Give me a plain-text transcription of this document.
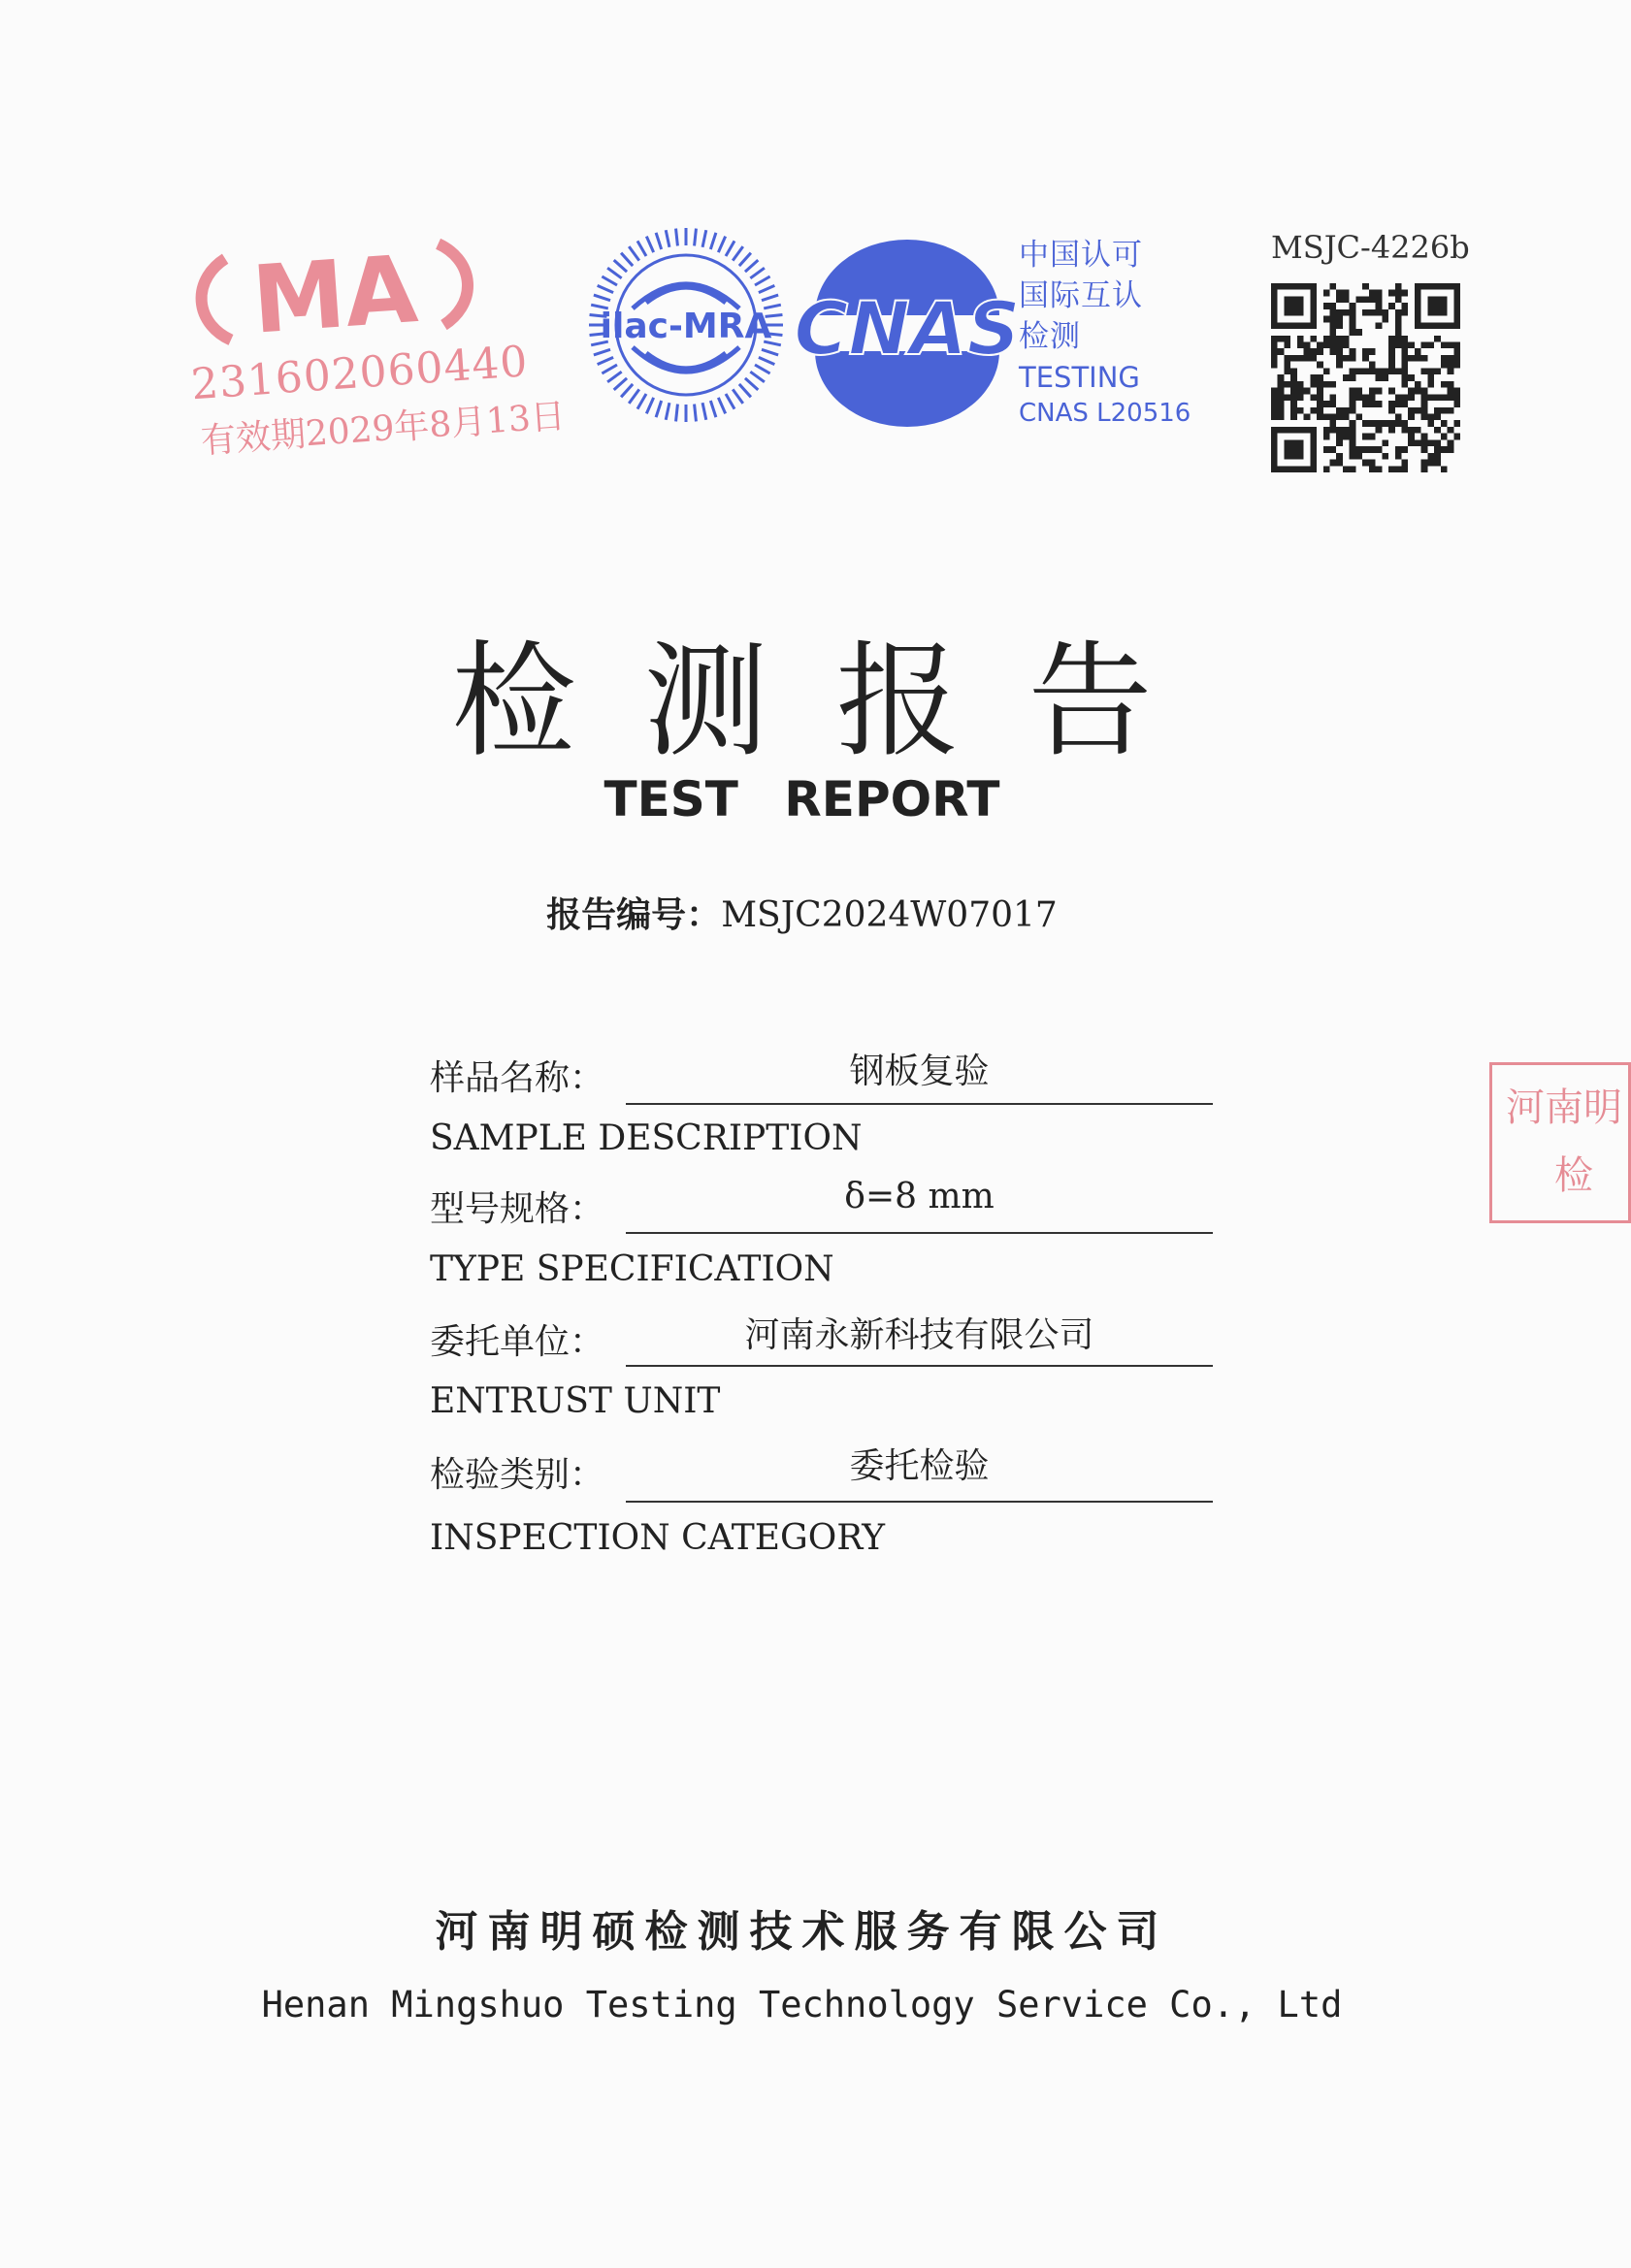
MA
231602060440
有效期2029年8月13日
ilac-MRA CNAS
中国认可
国际互认
检测
TESTING
CNAS L20516
MSJC-4226b
河南明
检
检测报告
TEST REPORT
报告编号：MSJC2024W07017
样品名称：	钢板复验
SAMPLE DESCRIPTION
型号规格：	δ=8 mm
TYPE SPECIFICATION
委托单位：	河南永新科技有限公司
ENTRUST UNIT
检验类别：	委托检验
INSPECTION CATEGORY
河南明硕检测技术服务有限公司
Henan Mingshuo Testing Technology Service Co., Ltd
